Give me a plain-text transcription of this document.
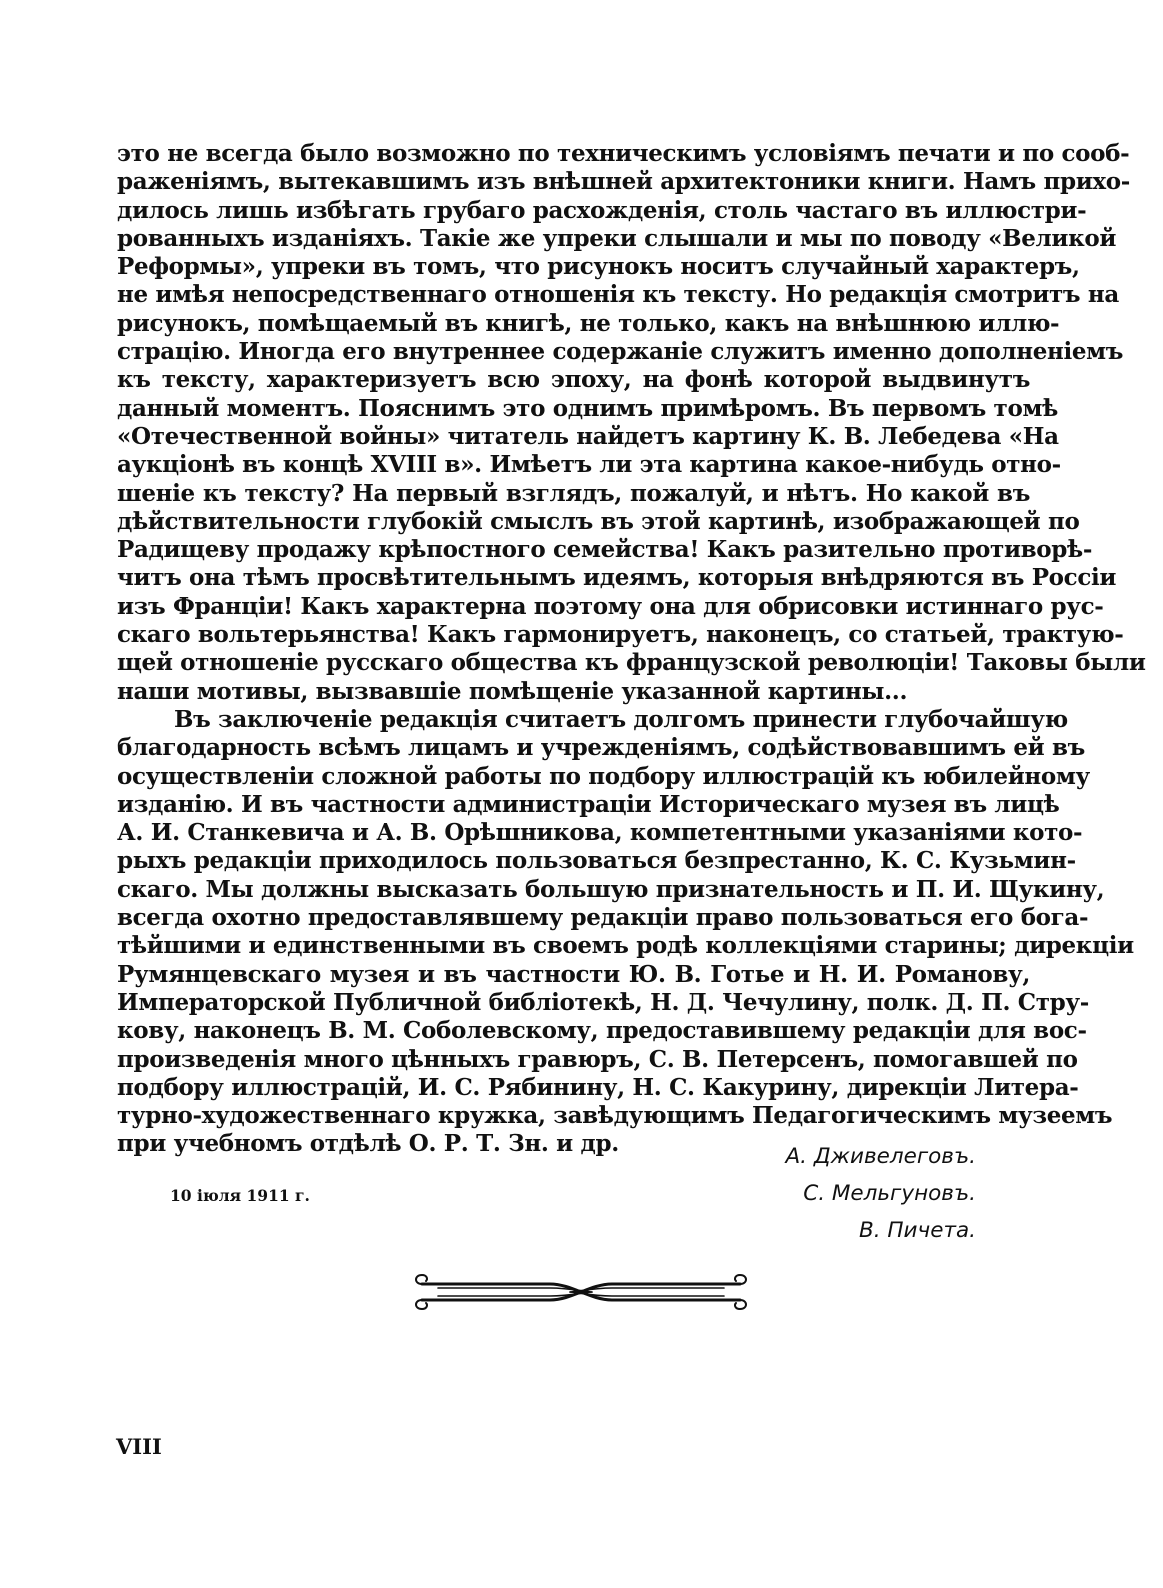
это не всегда было возможно по техническимъ условiямъ печати и по сооб-
раженiямъ, вытекавшимъ изъ внѣшней архитектоники книги. Намъ прихо-
дилось лишь избѣгать грубаго расхожденiя, столь частаго въ иллюстри-
рованныхъ изданiяхъ. Такiе же упреки слышали и мы по поводу «Великой
Реформы», упреки въ томъ, что рисунокъ носитъ случайный характеръ,
не имѣя непосредственнаго отношенiя къ тексту. Но редакцiя смотритъ на
рисунокъ, помѣщаемый въ книгѣ, не только, какъ на внѣшнюю иллю-
страцiю. Иногда его внутреннее содержанiе служитъ именно дополненiемъ
къ тексту, характеризуетъ всю эпоху, на фонѣ которой выдвинутъ
данный моментъ. Пояснимъ это однимъ примѣромъ. Въ первомъ томѣ
«Отечественной войны» читатель найдетъ картину К. В. Лебедева «На
аукцiонѣ въ концѣ XVIII в». Имѣетъ ли эта картина какое-нибудь отно-
шенiе къ тексту? На первый взглядъ, пожалуй, и нѣтъ. Но какой въ
дѣйствительности глубокiй смыслъ въ этой картинѣ, изображающей по
Радищеву продажу крѣпостного семейства! Какъ разительно противорѣ-
читъ она тѣмъ просвѣтительнымъ идеямъ, которыя внѣдряются въ Россiи
изъ Францiи! Какъ характерна поэтому она для обрисовки истиннаго рус-
скаго вольтерьянства! Какъ гармонируетъ, наконецъ, со статьей, трактую-
щей отношенiе русскаго общества къ французской революцiи! Таковы были
наши мотивы, вызвавшiе помѣщенiе указанной картины...
Въ заключенiе редакцiя считаетъ долгомъ принести глубочайшую
благодарность всѣмъ лицамъ и учрежденiямъ, содѣйствовавшимъ ей въ
осуществленiи сложной работы по подбору иллюстрацiй къ юбилейному
изданiю. И въ частности администрацiи Историческаго музея въ лицѣ
А. И. Станкевича и А. В. Орѣшникова, компетентными указанiями кото-
рыхъ редакцiи приходилось пользоваться безпрестанно, К. С. Кузьмин-
скаго. Мы должны высказать большую признательность и П. И. Щукину,
всегда охотно предоставлявшему редакцiи право пользоваться его бога-
тѣйшими и единственными въ своемъ родѣ коллекцiями старины; дирекцiи
Румянцевскаго музея и въ частности Ю. В. Готье и Н. И. Романову,
Императорской Публичной библiотекѣ, Н. Д. Чечулину, полк. Д. П. Стру-
кову, наконецъ В. М. Соболевскому, предоставившему редакцiи для вос-
произведенiя много цѣнныхъ гравюръ, С. В. Петерсенъ, помогавшей по
подбору иллюстрацiй, И. С. Рябинину, Н. С. Какурину, дирекцiи Литера-
турно-художественнаго кружка, завѣдующимъ Педагогическимъ музеемъ
при учебномъ отдѣлѣ О. Р. Т. Зн. и др.	А. Дживелеговъ.
С. Мельгуновъ.
В. Пичета.
10 iюля 1911 г.
VIII
